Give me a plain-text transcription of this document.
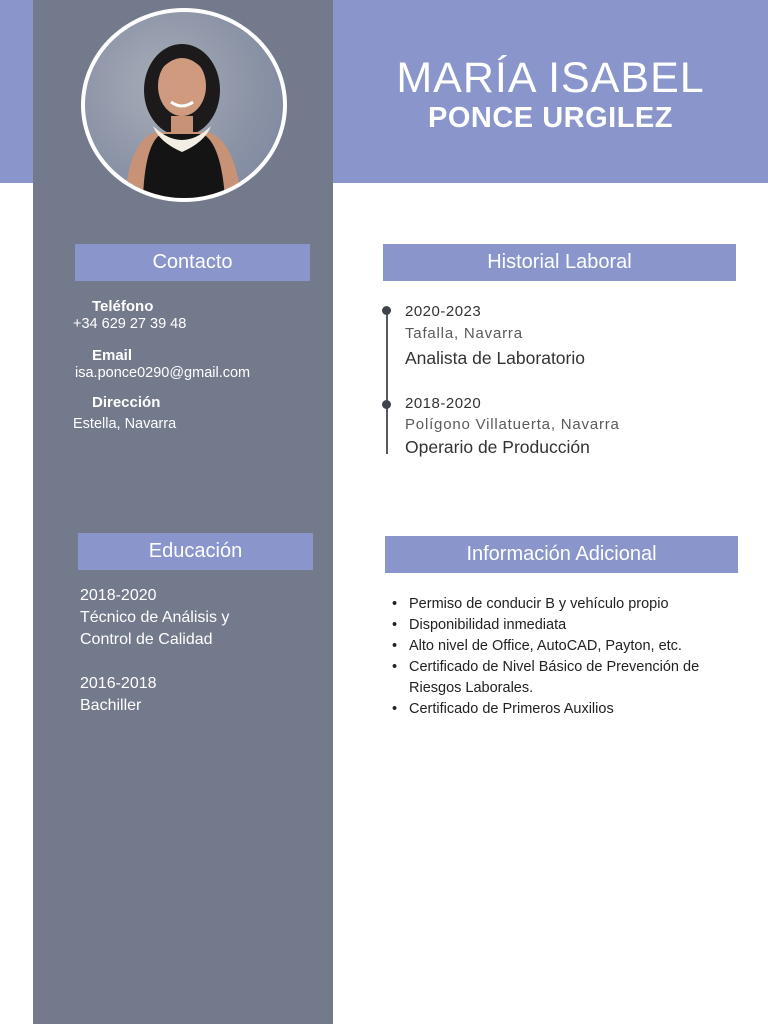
MARÍA ISABEL
PONCE URGILEZ
Contacto
Teléfono
+34 629 27 39 48
Email
isa.ponce0290@gmail.com
Dirección
Estella, Navarra
Educación
2018-2020
Técnico de Análisis y
Control de Calidad
2016-2018
Bachiller
Historial Laboral
2020-2023
Tafalla, Navarra
Analista de Laboratorio
2018-2020
Polígono Villatuerta, Navarra
Operario de Producción
Información Adicional
• Permiso de conducir B y vehículo propio
• Disponibilidad inmediata
• Alto nivel de Office, AutoCAD, Payton, etc.
• Certificado de Nivel Básico de Prevención de Riesgos Laborales.
• Certificado de Primeros Auxilios
